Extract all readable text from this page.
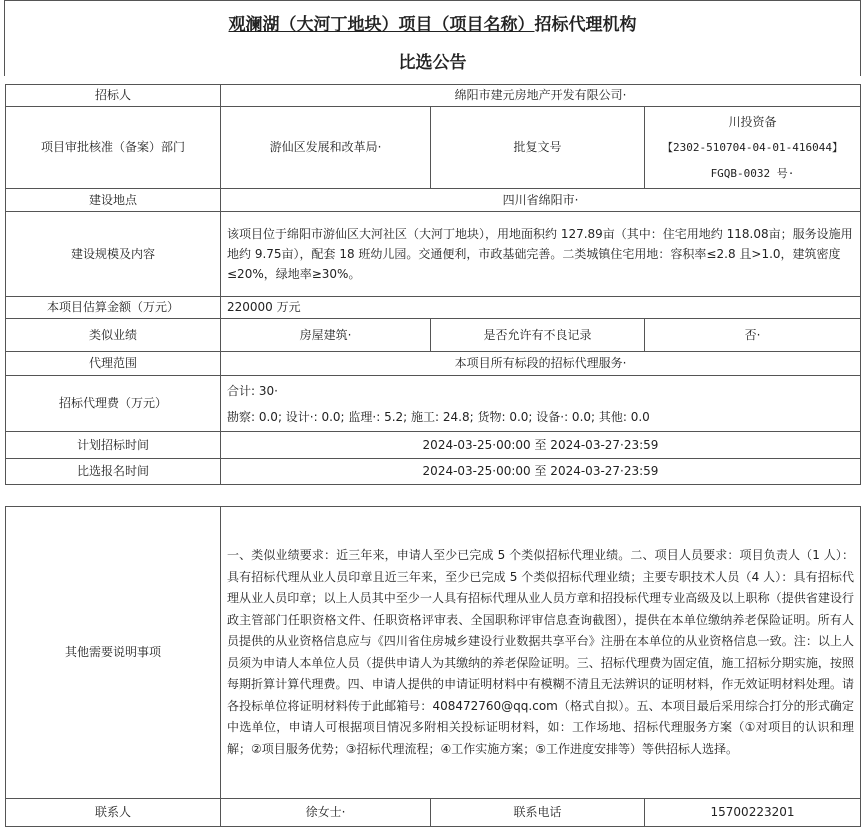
观澜湖（大河丁地块）项目（项目名称）招标代理机构
比选公告
招标人	绵阳市建元房地产开发有限公司·		
项目审批核准（备案）部门	游仙区发展和改革局·	批复文号	川投资备
【2302-510704-04-01-416044】
FGQB-0032 号·

建设地点	四川省绵阳市·		
建设规模及内容	该项目位于绵阳市游仙区大河社区（大河丁地块），用地面积约 127.89亩（其中：住宅用地约 118.08亩；服务设施用地约 9.75亩），配套 18 班幼儿园。交通便利，市政基础完善。二类城镇住宅用地：容积率≤2.8 且>1.0，建筑密度≤20%，绿地率≥30%。		
本项目估算金额（万元）	220000 万元		
类似业绩	房屋建筑·	是否允许有不良记录	否·
代理范围	本项目所有标段的招标代理服务·		
招标代理费（万元）	合计: 30·
勘察: 0.0; 设计·: 0.0; 监理·: 5.2; 施工: 24.8; 货物: 0.0; 设备·: 0.0; 其他: 0.0		

计划招标时间	2024-03-25·00:00 至 2024-03-27·23:59		
比选报名时间	2024-03-25·00:00 至 2024-03-27·23:59		
其他需要说明事项	一、类似业绩要求：近三年来，申请人至少已完成 5 个类似招标代理业绩。二、项目人员要求：项目负责人（1 人）：具有招标代理从业人员印章且近三年来，至少已完成 5 个类似招标代理业绩；主要专职技术人员（4 人）：具有招标代理从业人员印章；以上人员其中至少一人具有招标代理从业人员方章和招投标代理专业高级及以上职称（提供省建设行政主管部门任职资格文件、任职资格评审表、全国职称评审信息查询截图），提供在本单位缴纳养老保险证明。所有人员提供的从业资格信息应与《四川省住房城乡建设行业数据共享平台》注册在本单位的从业资格信息一致。注：以上人员须为申请人本单位人员（提供申请人为其缴纳的养老保险证明。三、招标代理费为固定值，施工招标分期实施，按照每期折算计算代理费。四、申请人提供的申请证明材料中有模糊不清且无法辨识的证明材料，作无效证明材料处理。请各投标单位将证明材料传于此邮箱号：408472760@qq.com（格式自拟）。五、本项目最后采用综合打分的形式确定中选单位，申请人可根据项目情况多附相关投标证明材料，如：工作场地、招标代理服务方案（①对项目的认识和理解；②项目服务优势；③招标代理流程；④工作实施方案；⑤工作进度安排等）等供招标人选择。		
联系人	徐女士·	联系电话	15700223201
